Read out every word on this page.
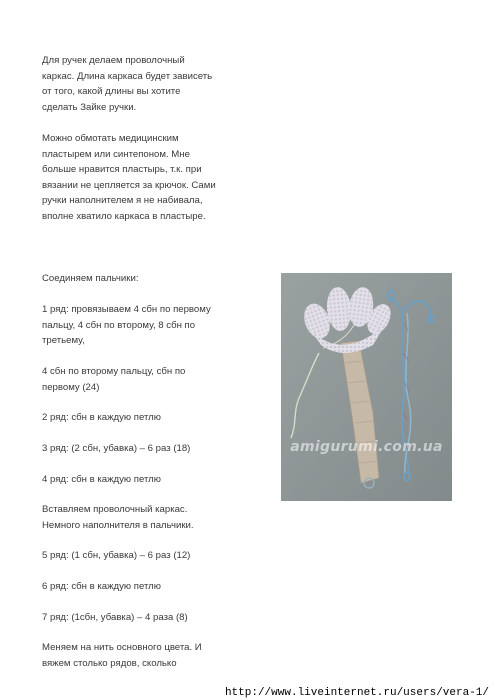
Для ручек делаем проволочный
каркас. Длина каркаса будет зависеть
от того, какой длины вы хотите
сделать Зайке ручки.
Можно обмотать медицинским
пластырем или синтепоном. Мне
больше нравится пластырь, т.к. при
вязании не цепляется за крючок. Сами
ручки наполнителем я не набивала,
вполне хватило каркаса в пластыре.
Соединяем пальчики:
1 ряд: провязываем 4 сбн по первому
пальцу, 4 сбн по второму, 8 сбн по
третьему,
4 сбн по второму пальцу, сбн по
первому (24)
2 ряд: сбн в каждую петлю
3 ряд: (2 сбн, убавка) – 6 раз (18)
4 ряд: сбн в каждую петлю
Вставляем проволочный каркас.
Немного наполнителя в пальчики.
5 ряд: (1 сбн, убавка) – 6 раз (12)
6 ряд: сбн в каждую петлю
7 ряд: (1сбн, убавка) – 4 раза (8)
Меняем на нить основного цвета. И
вяжем столько рядов, сколько
amigurumi.com.ua
http://www.liveinternet.ru/users/vera-1/
